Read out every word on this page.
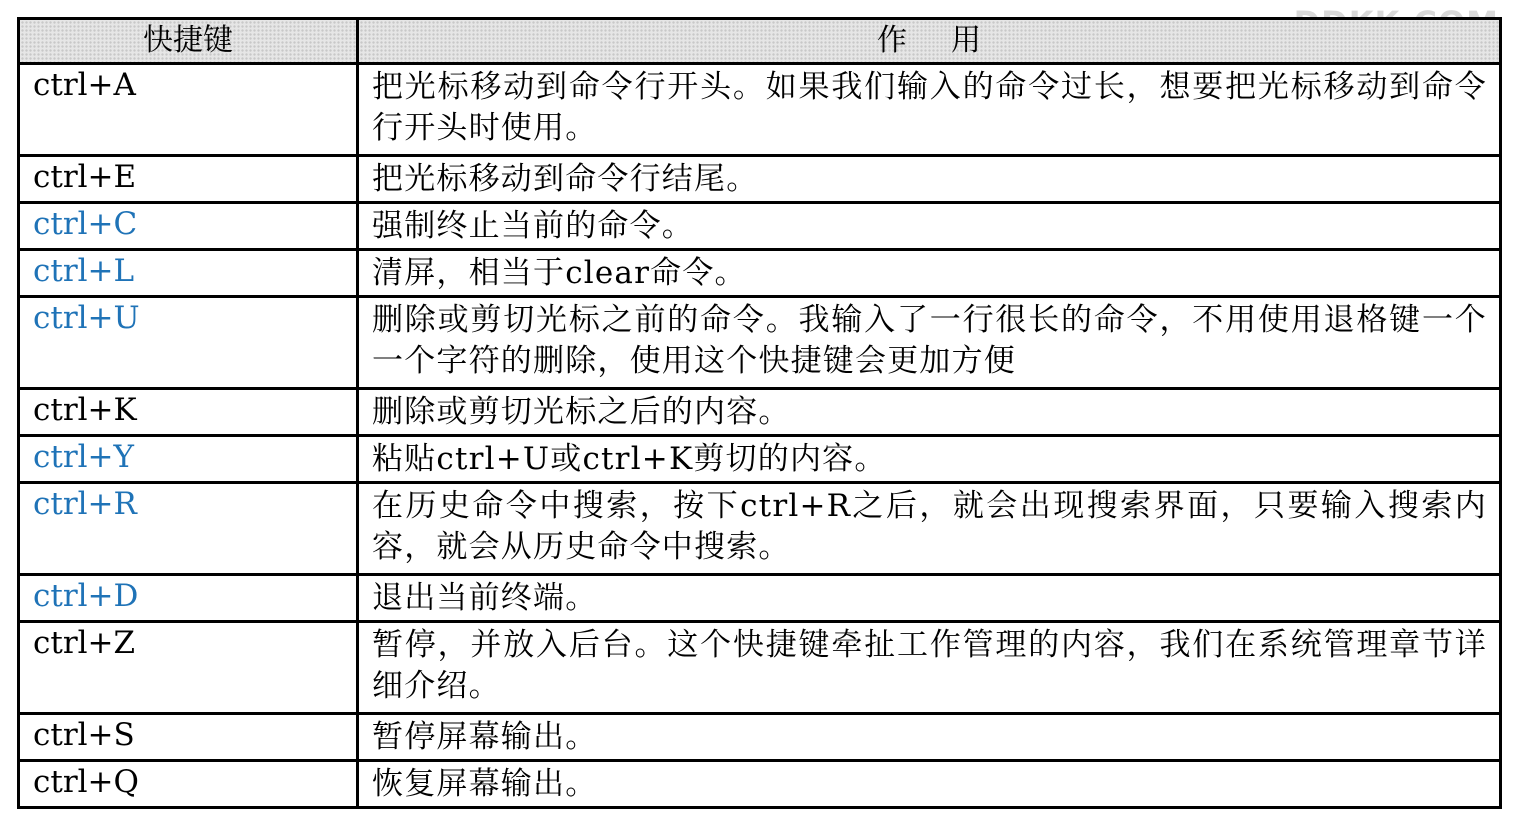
快捷键	作用
ctrl+A	把光标移动到命令行开头。如果我们输入的命令过长，想要把光标移动到命令行开头时使用。
ctrl+E	把光标移动到命令行结尾。
ctrl+C	强制终止当前的命令。
ctrl+L	清屏，相当于clear命令。
ctrl+U	删除或剪切光标之前的命令。我输入了一行很长的命令，不用使用退格键一个一个字符的删除，使用这个快捷键会更加方便
ctrl+K	删除或剪切光标之后的内容。
ctrl+Y	粘贴ctrl+U或ctrl+K剪切的内容。
ctrl+R	在历史命令中搜索，按下ctrl+R之后，就会出现搜索界面，只要输入搜索内容，就会从历史命令中搜索。
ctrl+D	退出当前终端。
ctrl+Z	暂停，并放入后台。这个快捷键牵扯工作管理的内容，我们在系统管理章节详细介绍。
ctrl+S	暂停屏幕输出。
ctrl+Q	恢复屏幕输出。
